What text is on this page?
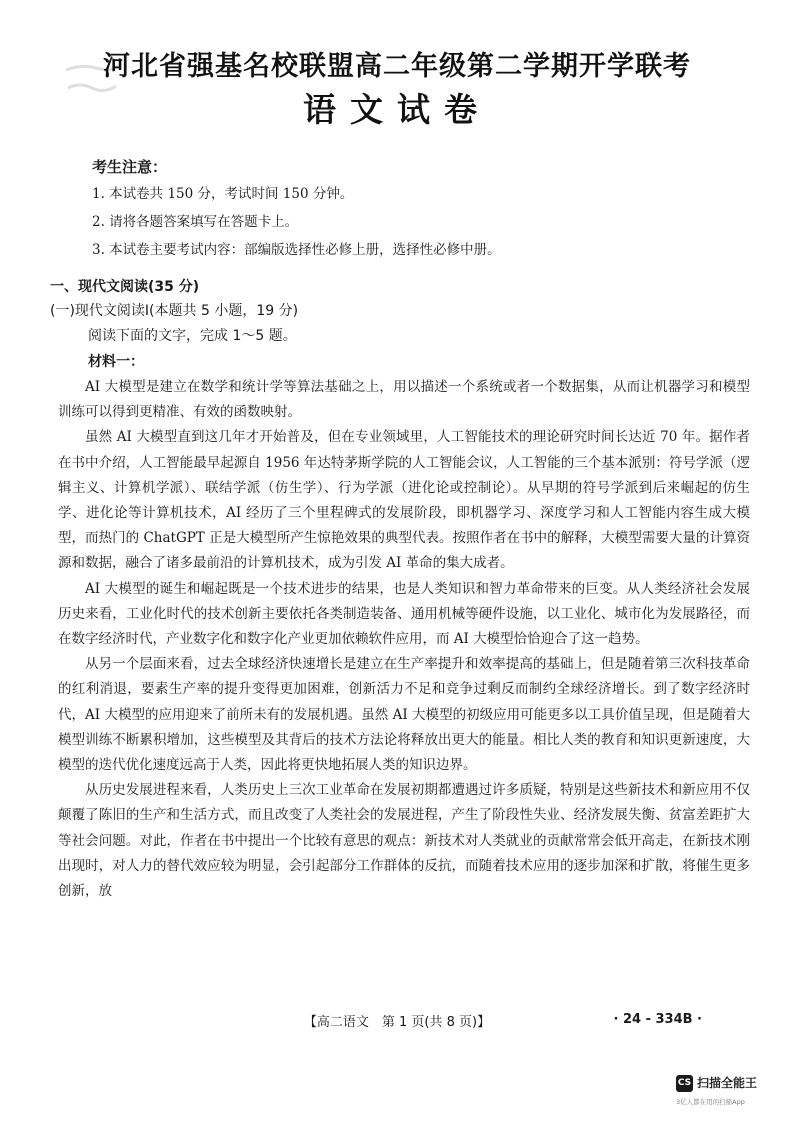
河北省强基名校联盟高二年级第二学期开学联考
语文试卷
考生注意：
1. 本试卷共 150 分，考试时间 150 分钟。
2. 请将各题答案填写在答题卡上。
3. 本试卷主要考试内容：部编版选择性必修上册，选择性必修中册。
一、现代文阅读(35 分)
(一)现代文阅读Ⅰ(本题共 5 小题，19 分)
阅读下面的文字，完成 1～5 题。
材料一：

AI 大模型是建立在数学和统计学等算法基础之上，用以描述一个系统或者一个数据集，从而让机器学习和模型训练可以得到更精准、有效的函数映射。

虽然 AI 大模型直到这几年才开始普及，但在专业领域里，人工智能技术的理论研究时间长达近 70 年。据作者在书中介绍，人工智能最早起源自 1956 年达特茅斯学院的人工智能会议，人工智能的三个基本派别：符号学派（逻辑主义、计算机学派）、联结学派（仿生学）、行为学派（进化论或控制论）。从早期的符号学派到后来崛起的仿生学、进化论等计算机技术，AI 经历了三个里程碑式的发展阶段，即机器学习、深度学习和人工智能内容生成大模型，而热门的 ChatGPT 正是大模型所产生惊艳效果的典型代表。按照作者在书中的解释，大模型需要大量的计算资源和数据，融合了诸多最前沿的计算机技术，成为引发 AI 革命的集大成者。

AI 大模型的诞生和崛起既是一个技术进步的结果，也是人类知识和智力革命带来的巨变。从人类经济社会发展历史来看，工业化时代的技术创新主要依托各类制造装备、通用机械等硬件设施，以工业化、城市化为发展路径，而在数字经济时代，产业数字化和数字化产业更加依赖软件应用，而 AI 大模型恰恰迎合了这一趋势。

从另一个层面来看，过去全球经济快速增长是建立在生产率提升和效率提高的基础上，但是随着第三次科技革命的红利消退，要素生产率的提升变得更加困难，创新活力不足和竞争过剩反而制约全球经济增长。到了数字经济时代，AI 大模型的应用迎来了前所未有的发展机遇。虽然 AI 大模型的初级应用可能更多以工具价值呈现，但是随着大模型训练不断累积增加，这些模型及其背后的技术方法论将释放出更大的能量。相比人类的教育和知识更新速度，大模型的迭代优化速度远高于人类，因此将更快地拓展人类的知识边界。

从历史发展进程来看，人类历史上三次工业革命在发展初期都遭遇过许多质疑，特别是这些新技术和新应用不仅颠覆了陈旧的生产和生活方式，而且改变了人类社会的发展进程，产生了阶段性失业、经济发展失衡、贫富差距扩大等社会问题。对此，作者在书中提出一个比较有意思的观点：新技术对人类就业的贡献常常会低开高走，在新技术刚出现时，对人力的替代效应较为明显，会引起部分工作群体的反抗，而随着技术应用的逐步加深和扩散，将催生更多创新，放

【高二语文　第 1 页(共 8 页)】	· 24 - 334B ·
CS 扫描全能王
3亿人都在用的扫描App
